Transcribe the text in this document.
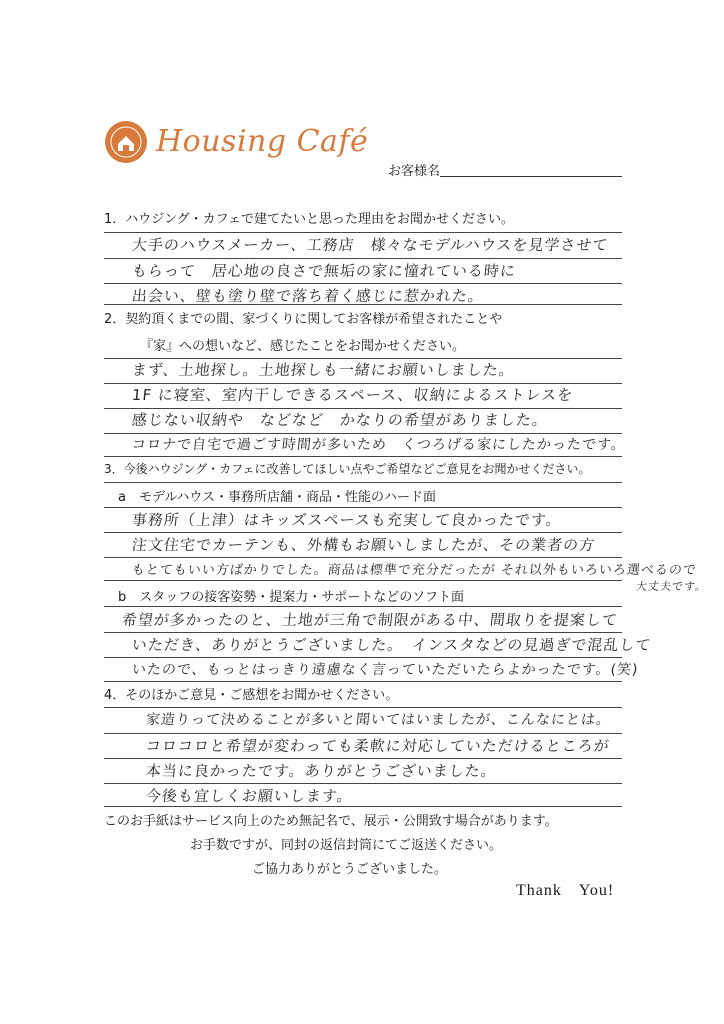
Housing Café
お客様名
1．ハウジング・カフェで建てたいと思った理由をお聞かせください。
大手のハウスメーカー、工務店　様々なモデルハウスを見学させて
もらって　居心地の良さで無垢の家に憧れている時に
出会い、壁も塗り壁で落ち着く感じに惹かれた。
2．契約頂くまでの間、家づくりに関してお客様が希望されたことや
『家』への想いなど、感じたことをお聞かせください。
まず、土地探し。土地探しも一緒にお願いしました。
1F に寝室、室内干しできるスペース、収納によるストレスを
感じない収納や　などなど　かなりの希望がありました。
コロナで自宅で過ごす時間が多いため　くつろげる家にしたかったです。
3．今後ハウジング・カフェに改善してほしい点やご希望などご意見をお聞かせください。
a　モデルハウス・事務所店舗・商品・性能のハード面
事務所（上津）はキッズスペースも充実して良かったです。
注文住宅でカーテンも、外構もお願いしましたが、その業者の方
もとてもいい方ばかりでした。商品は標準で充分だったが それ以外もいろいろ選べるので
大丈夫です。
b　スタッフの接客姿勢・提案力・サポートなどのソフト面
希望が多かったのと、土地が三角で制限がある中、間取りを提案して
いただき、ありがとうございました。　インスタなどの見過ぎで混乱して
いたので、もっとはっきり遠慮なく言っていただいたらよかったです。(笑)
4．そのほかご意見・ご感想をお聞かせください。
家造りって決めることが多いと聞いてはいましたが、こんなにとは。
コロコロと希望が変わっても柔軟に対応していただけるところが
本当に良かったです。ありがとうございました。
今後も宜しくお願いします。
このお手紙はサービス向上のため無記名で、展示・公開致す場合があります。
お手数ですが、同封の返信封筒にてご返送ください。
ご協力ありがとうございました。
Thank　You!
